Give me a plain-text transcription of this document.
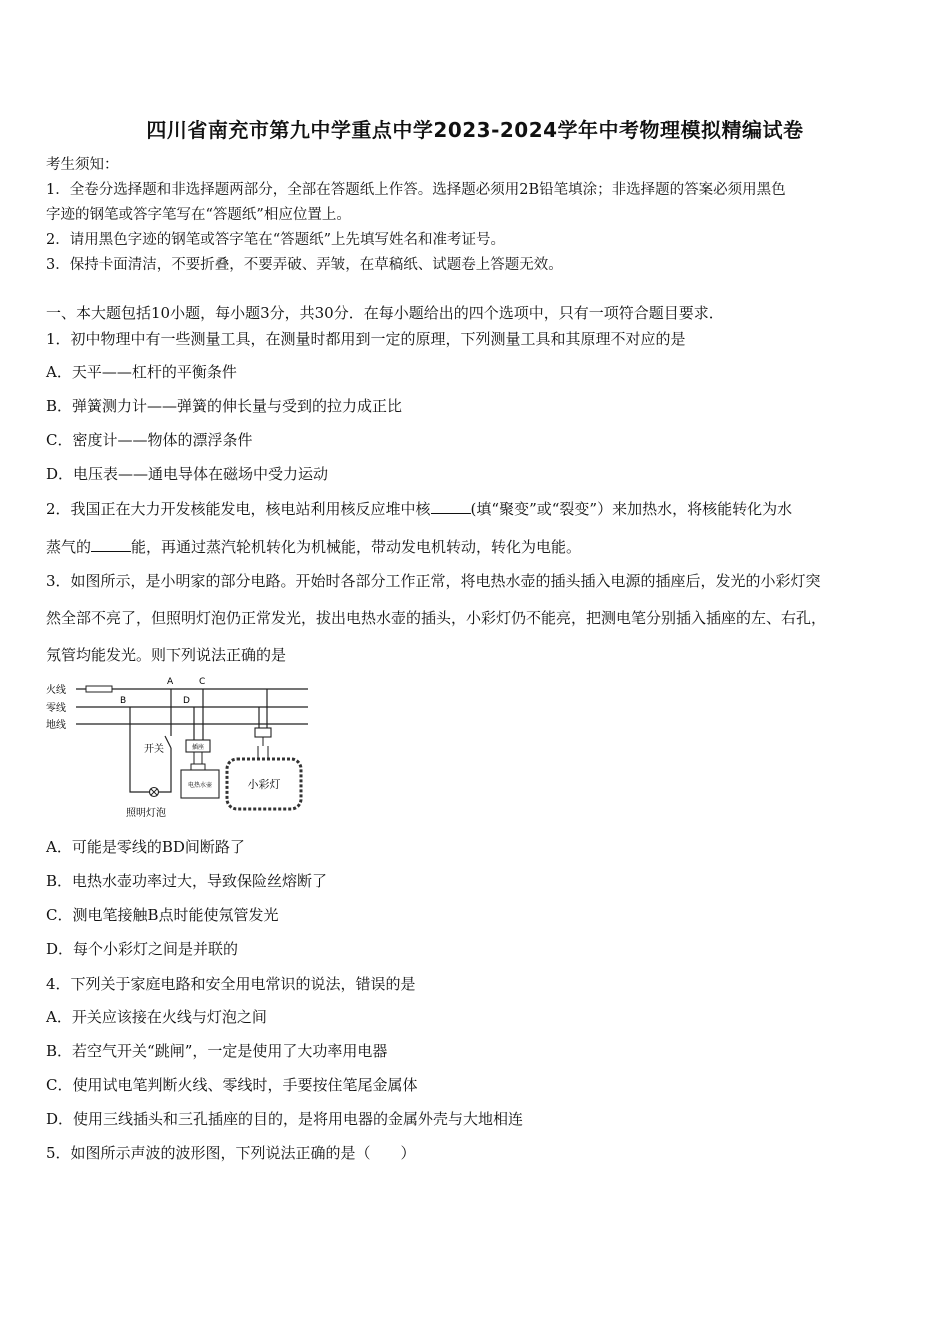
四川省南充市第九中学重点中学2023-2024学年中考物理模拟精编试卷
考生须知：
1．全卷分选择题和非选择题两部分，全部在答题纸上作答。选择题必须用2B铅笔填涂；非选择题的答案必须用黑色
字迹的钢笔或答字笔写在“答题纸”相应位置上。
2．请用黑色字迹的钢笔或答字笔在“答题纸”上先填写姓名和准考证号。
3．保持卡面清洁，不要折叠，不要弄破、弄皱，在草稿纸、试题卷上答题无效。
一、本大题包括10小题，每小题3分，共30分．在每小题给出的四个选项中，只有一项符合题目要求．
1．初中物理中有一些测量工具，在测量时都用到一定的原理，下列测量工具和其原理不对应的是
A．天平——杠杆的平衡条件
B．弹簧测力计——弹簧的伸长量与受到的拉力成正比
C．密度计——物体的漂浮条件
D．电压表——通电导体在磁场中受力运动
2．我国正在大力开发核能发电，核电站利用核反应堆中核	(填“聚变”或“裂变”）来加热水，将核能转化为水
蒸气的	能，再通过蒸汽轮机转化为机械能，带动发电机转动，转化为电能。
3．如图所示，是小明家的部分电路。开始时各部分工作正常，将电热水壶的插头插入电源的插座后，发光的小彩灯突
然全部不亮了，但照明灯泡仍正常发光，拔出电热水壶的插头，小彩灯仍不能亮，把测电笔分别插入插座的左、右孔，
氖管均能发光。则下列说法正确的是
火线
零线
地线
A	C
B	D
开关
照明灯泡
插座
电热水壶	小彩灯
A．可能是零线的BD间断路了
B．电热水壶功率过大，导致保险丝熔断了
C．测电笔接触B点时能使氖管发光
D．每个小彩灯之间是并联的
4．下列关于家庭电路和安全用电常识的说法，错误的是
A．开关应该接在火线与灯泡之间
B．若空气开关“跳闸”，一定是使用了大功率用电器
C．使用试电笔判断火线、零线时，手要按住笔尾金属体
D．使用三线插头和三孔插座的目的，是将用电器的金属外壳与大地相连
5．如图所示声波的波形图，下列说法正确的是（　　）
